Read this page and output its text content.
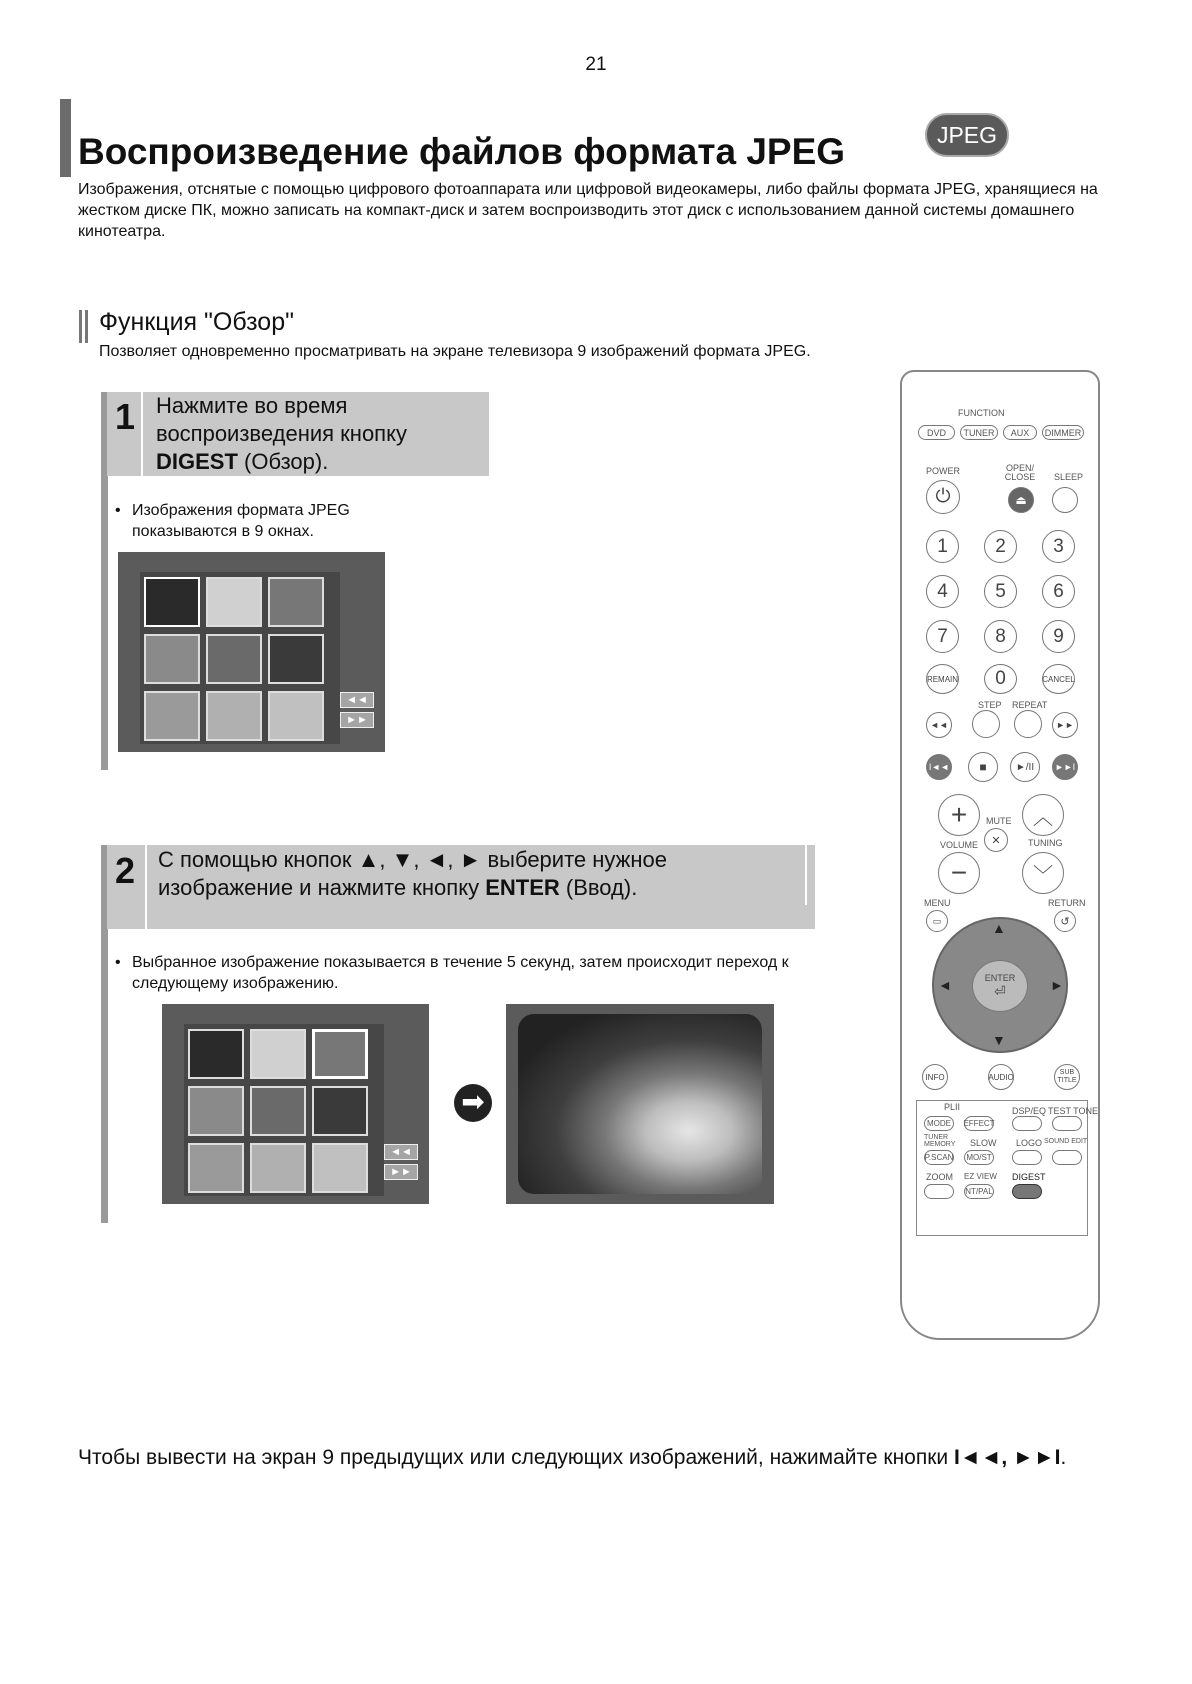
21
Воспроизведение файлов формата JPEG	JPEG
Изображения, отснятые с помощью цифрового фотоаппарата или цифровой видеокамеры, либо файлы формата JPEG, хранящиеся на жестком диске ПК, можно записать на компакт-диск и затем воспроизводить этот диск с использованием данной системы домашнего кинотеатра.
Функция "Обзор"
Позволяет одновременно просматривать на экране телевизора 9 изображений формата JPEG.
1 Нажмите во время воспроизведения кнопку DIGEST (Обзор).
• Изображения формата JPEG показываются в 9 окнах.
◄◄
►►
2 С помощью кнопок ▲, ▼, ◄, ► выберите нужное изображение и нажмите кнопку ENTER (Ввод).
• Выбранное изображение показывается в течение 5 секунд, затем происходит переход к следующему изображению.
◄◄
►►
➡
Чтобы вывести на экран 9 предыдущих или следующих изображений, нажимайте кнопки I◄◄, ►►I.
FUNCTION
DVD	TUNER	AUX	DIMMER
POWER
⏻
OPEN/ CLOSE
⏏
SLEEP
1	2	3
4	5	6
7	8	9
REMAIN	0	CANCEL
STEP REPEAT
◄◄	►►
I◄◄	■	►/II ►►I
+ MUTE
✕
︿
VOLUME	TUNING
−	﹀
MENU
▭
RETURN
↺
▲
▼
◄	►
ENTER
⏎
INFO	AUDIO	SUB TITLE
PLII	DSP/EQ TEST TONE
MODE	EFFECT
TUNER MEMORY SLOW LOGO SOUND EDIT
P.SCAN MO/ST
ZOOM EZ VIEW DIGEST
NT/PAL
